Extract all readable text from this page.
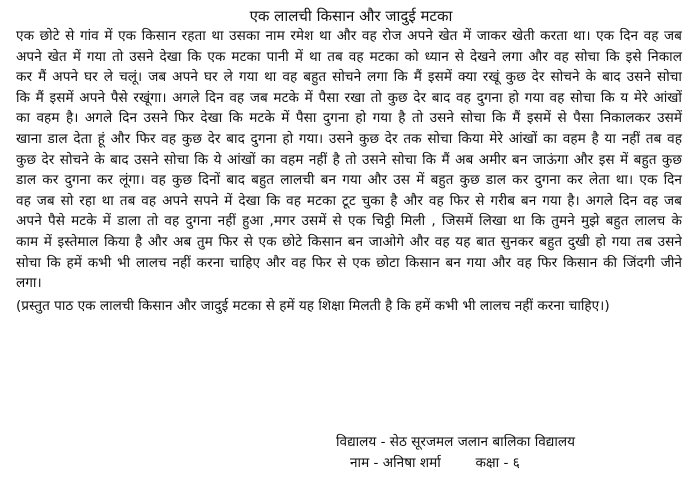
एक लालची किसान और जादुई मटका

एक छोटे से गांव में एक किसान रहता था उसका नाम रमेश था और वह रोज अपने खेत में जाकर खेती करता था। एक दिन वह जब अपने खेत में गया तो उसने देखा कि एक मटका पानी में था तब वह मटका को ध्यान से देखने लगा और वह सोचा कि इसे निकाल कर मैं अपने घर ले चलूं। जब अपने घर ले गया था वह बहुत सोचने लगा कि मैं इसमें क्या रखूं कुछ देर सोचने के बाद उसने सोचा कि मैं इसमें अपने पैसे रखूंगा। अगले दिन वह जब मटके में पैसा रखा तो कुछ देर बाद वह दुगना हो गया वह सोचा कि य मेरे आंखों का वहम है। अगले दिन उसने फिर देखा कि मटके में पैसा दुगना हो गया है तो उसने सोचा कि मैं इसमें से पैसा निकालकर उसमें खाना डाल देता हूं और फिर वह कुछ देर बाद दुगना हो गया। उसने कुछ देर तक सोचा किया मेरे आंखों का वहम है या नहीं तब वह कुछ देर सोचने के बाद उसने सोचा कि ये आंखों का वहम नहीं है तो उसने सोचा कि मैं अब अमीर बन जाऊंगा और इस में बहुत कुछ डाल कर दुगना कर लूंगा। वह कुछ दिनों बाद बहुत लालची बन गया और उस में बहुत कुछ डाल कर दुगना कर लेता था। एक दिन वह जब सो रहा था तब वह अपने सपने में देखा कि वह मटका टूट चुका है और वह फिर से गरीब बन गया है। अगले दिन वह जब अपने पैसे मटके में डाला तो वह दुगना नहीं हुआ ,मगर उसमें से एक चिट्ठी मिली , जिसमें लिखा था कि तुमने मुझे बहुत लालच के काम में इस्तेमाल किया है और अब तुम फिर से एक छोटे किसान बन जाओगे और वह यह बात सुनकर बहुत दुखी हो गया तब उसने सोचा कि हमें कभी भी लालच नहीं करना चाहिए और वह फिर से एक छोटा किसान बन गया और वह फिर किसान की जिंदगी जीने लगा।

(प्रस्तुत पाठ एक लालची किसान और जादुई मटका से हमें यह शिक्षा मिलती है कि हमें कभी भी लालच नहीं करना चाहिए।)

विद्यालय - सेठ सूरजमल जलान बालिका विद्यालय
नाम - अनिषा शर्मा	कक्षा - ६
